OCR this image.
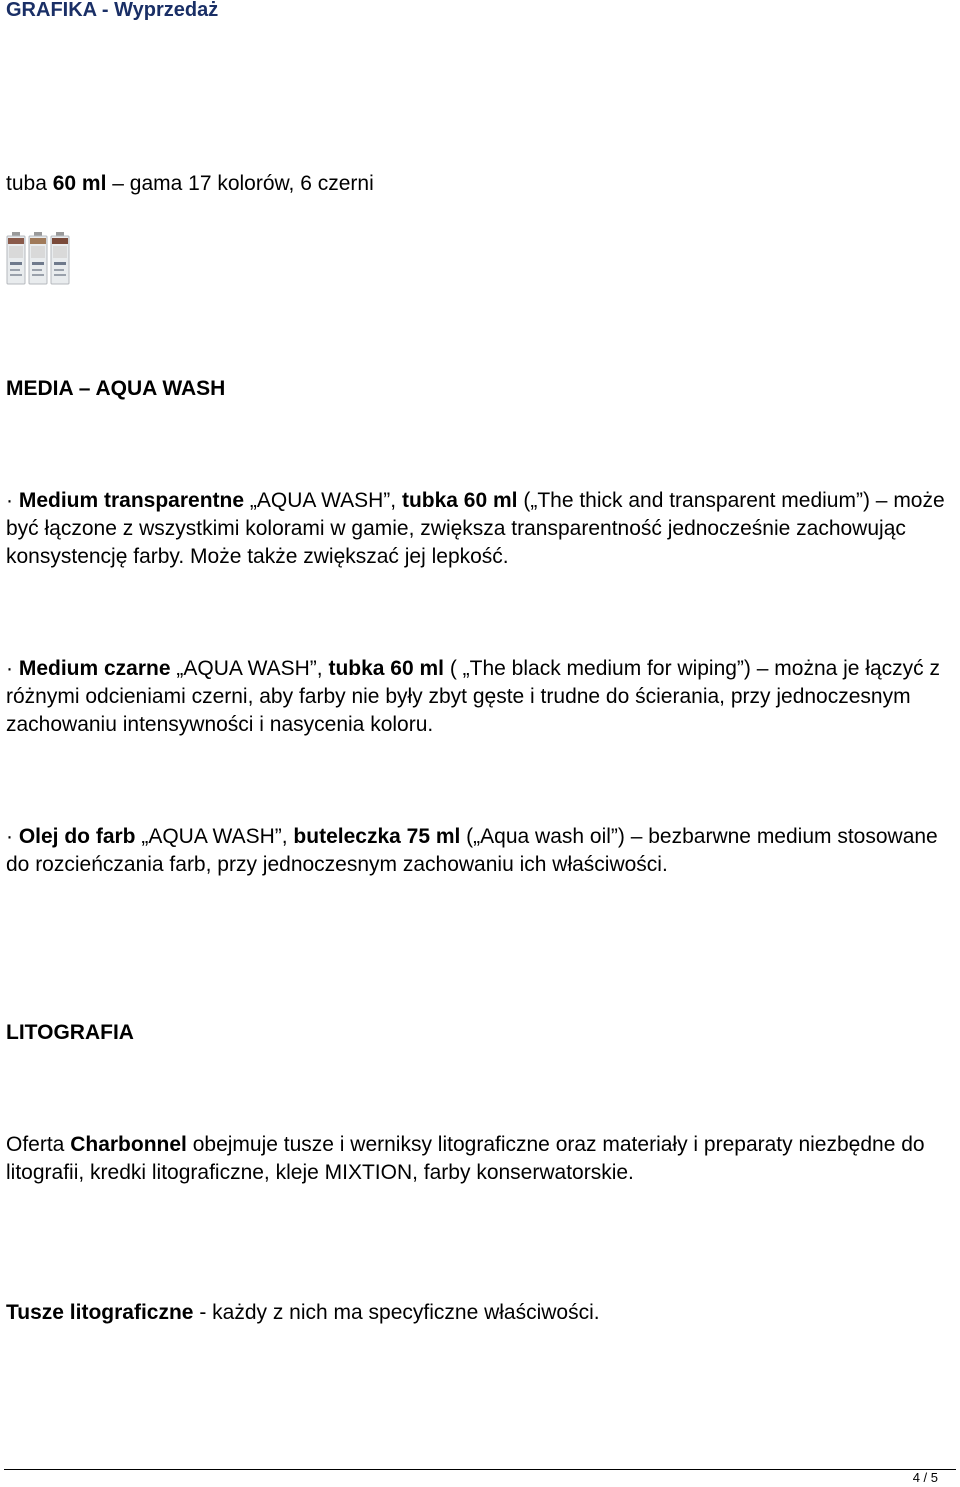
GRAFIKA - Wyprzedaż

tuba 60 ml – gama 17 kolorów, 6 czerni

MEDIA – AQUA WASH

· Medium transparentne „AQUA WASH”, tubka 60 ml („The thick and transparent medium”) – może być łączone z wszystkimi kolorami w gamie, zwiększa transparentność jednocześnie zachowując konsystencję farby. Może także zwiększać jej lepkość.

· Medium czarne „AQUA WASH”, tubka 60 ml ( „The black medium for wiping”) – można je łączyć z różnymi odcieniami czerni, aby farby nie były zbyt gęste i trudne do ścierania, przy jednoczesnym zachowaniu intensywności i nasycenia koloru.

· Olej do farb „AQUA WASH”, buteleczka 75 ml („Aqua wash oil”) – bezbarwne medium stosowane do rozcieńczania farb, przy jednoczesnym zachowaniu ich właściwości.

LITOGRAFIA

Oferta Charbonnel obejmuje tusze i werniksy litograficzne oraz materiały i preparaty niezbędne do litografii, kredki litograficzne, kleje MIXTION, farby konserwatorskie.

Tusze litograficzne - każdy z nich ma specyficzne właściwości.

4 / 5
